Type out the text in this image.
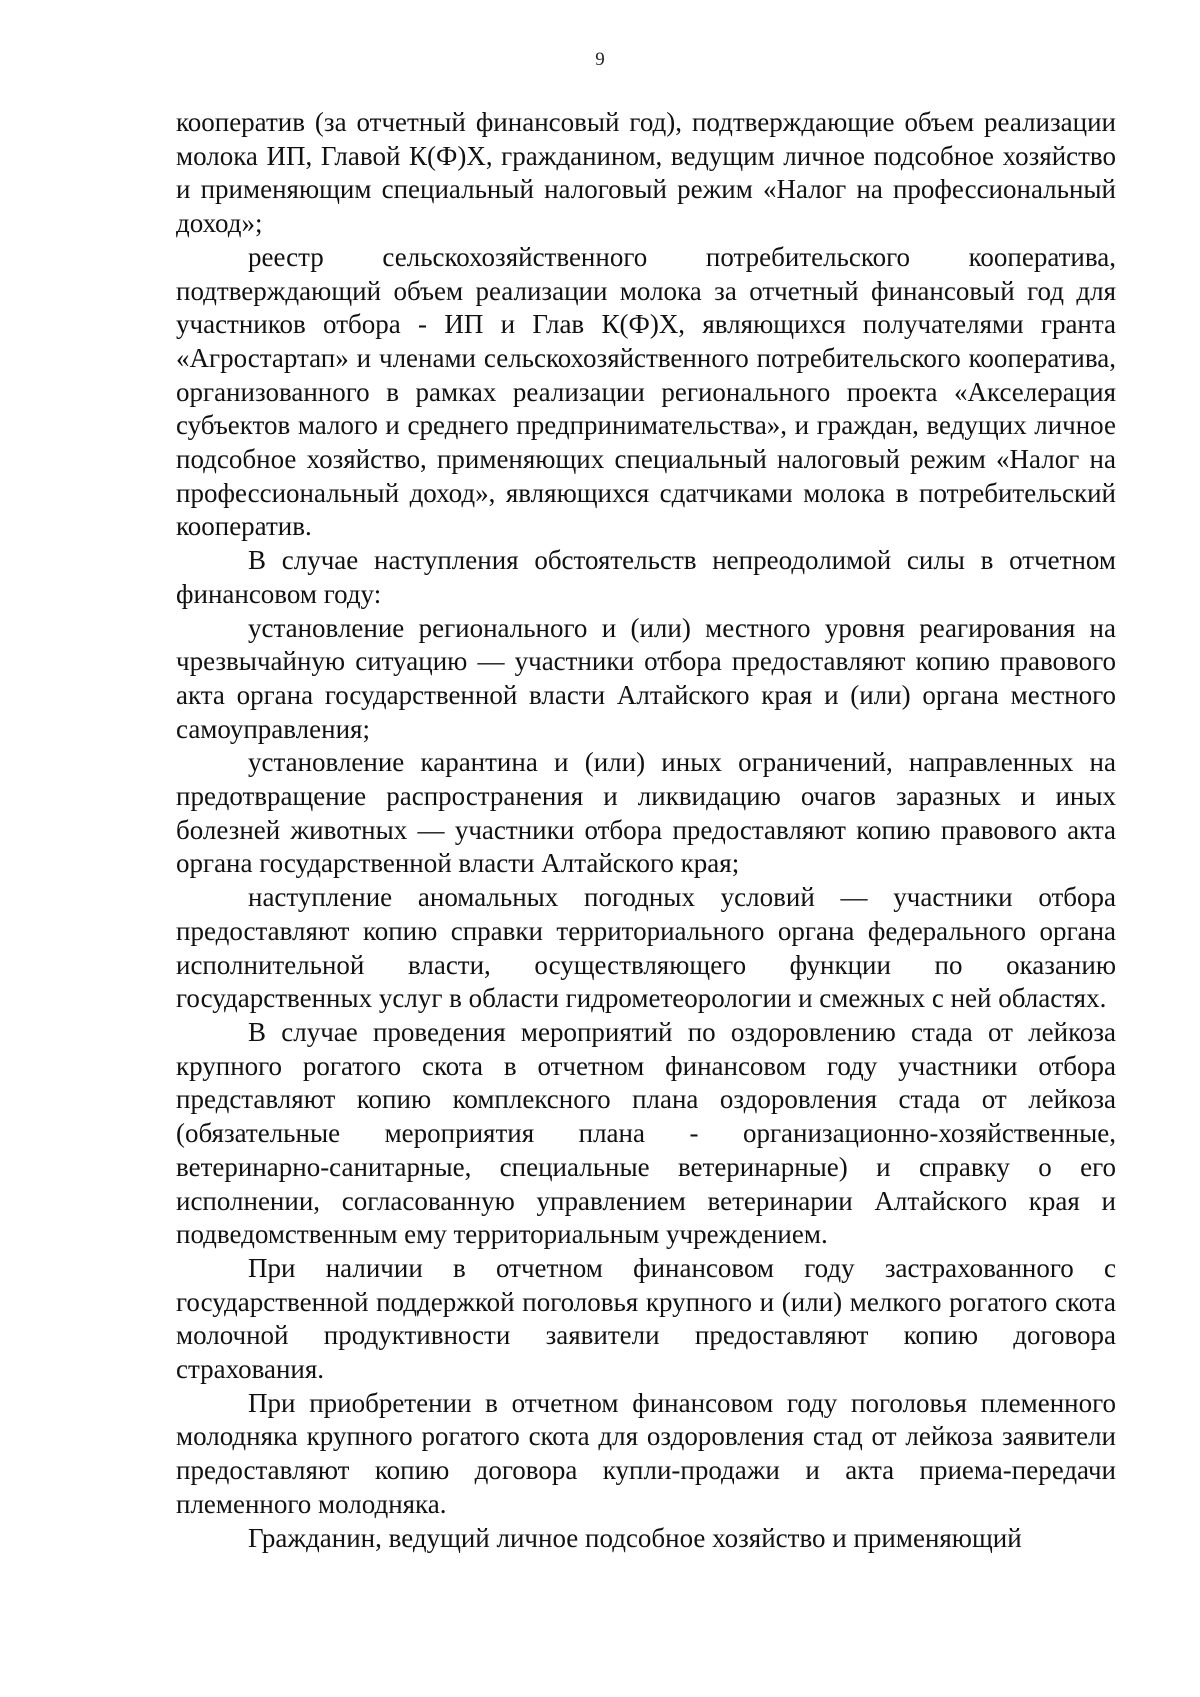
9

кооператив (за отчетный финансовый год), подтверждающие объем реализации молока ИП, Главой К(Ф)Х, гражданином, ведущим личное подсобное хозяйство и применяющим специальный налоговый режим «Налог на профессиональный доход»;

реестр сельскохозяйственного потребительского кооператива, подтверждающий объем реализации молока за отчетный финансовый год для участников отбора - ИП и Глав К(Ф)Х, являющихся получателями гранта «Агростартап» и членами сельскохозяйственного потребительского кооператива, организованного в рамках реализации регионального проекта «Акселерация субъектов малого и среднего предпринимательства», и граждан, ведущих личное подсобное хозяйство, применяющих специальный налоговый режим «Налог на профессиональный доход», являющихся сдатчиками молока в потребительский кооператив.

В случае наступления обстоятельств непреодолимой силы в отчетном финансовом году:

установление регионального и (или) местного уровня реагирования на чрезвычайную ситуацию — участники отбора предоставляют копию правового акта органа государственной власти Алтайского края и (или) органа местного самоуправления;

установление карантина и (или) иных ограничений, направленных на предотвращение распространения и ликвидацию очагов заразных и иных болезней животных — участники отбора предоставляют копию правового акта органа государственной власти Алтайского края;

наступление аномальных погодных условий — участники отбора предоставляют копию справки территориального органа федерального органа исполнительной власти, осуществляющего функции по оказанию государственных услуг в области гидрометеорологии и смежных с ней областях.

В случае проведения мероприятий по оздоровлению стада от лейкоза крупного рогатого скота в отчетном финансовом году участники отбора представляют копию комплексного плана оздоровления стада от лейкоза (обязательные мероприятия плана - организационно-хозяйственные, ветеринарно-санитарные, специальные ветеринарные) и справку о его исполнении, согласованную управлением ветеринарии Алтайского края и подведомственным ему территориальным учреждением.

При наличии в отчетном финансовом году застрахованного с государственной поддержкой поголовья крупного и (или) мелкого рогатого скота молочной продуктивности заявители предоставляют копию договора страхования.

При приобретении в отчетном финансовом году поголовья племенного молодняка крупного рогатого скота для оздоровления стад от лейкоза заявители предоставляют копию договора купли-продажи и акта приема-передачи племенного молодняка.

Гражданин, ведущий личное подсобное хозяйство и применяющий
